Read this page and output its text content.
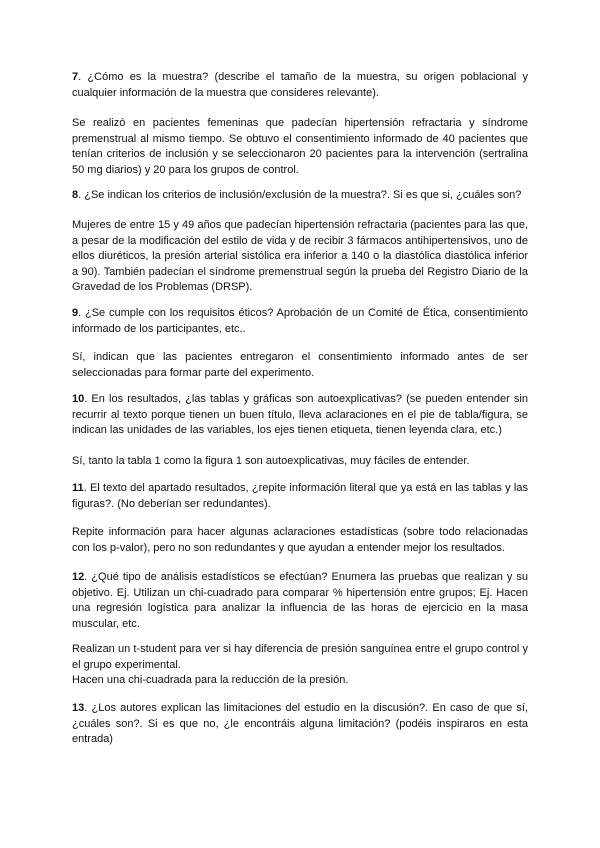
7. ¿Cómo es la muestra? (describe el tamaño de la muestra, su origen poblacional y cualquier información de la muestra que consideres relevante).

Se realizó en pacientes femeninas que padecían hipertensión refractaria y síndrome premenstrual al mismo tiempo. Se obtuvo el consentimiento informado de 40 pacientes que tenían criterios de inclusión y se seleccionaron 20 pacientes para la intervención (sertralina 50 mg diarios) y 20 para los grupos de control.

8. ¿Se indican los criterios de inclusión/exclusión de la muestra?. Si es que si, ¿cuáles son?

Mujeres de entre 15 y 49 años que padecían hipertensión refractaria (pacientes para las que, a pesar de la modificación del estilo de vida y de recibir 3 fármacos antihipertensivos, uno de ellos diuréticos, la presión arterial sistólica era inferior a 140 o la diastólica diastólica inferior a 90). También padecían el síndrome premenstrual según la prueba del Registro Diario de la Gravedad de los Problemas (DRSP).

9. ¿Se cumple con los requisitos éticos? Aprobación de un Comité de Ética, consentimiento informado de los participantes, etc..

Sí, indican que las pacientes entregaron el consentimiento informado antes de ser seleccionadas para formar parte del experimento.

10. En los resultados, ¿las tablas y gráficas son autoexplicativas? (se pueden entender sin recurrir al texto porque tienen un buen título, lleva aclaraciones en el pie de tabla/figura, se indican las unidades de las variables, los ejes tienen etiqueta, tienen leyenda clara, etc.)

Sí, tanto la tabla 1 como la figura 1 son autoexplicativas, muy fáciles de entender.

11. El texto del apartado resultados, ¿repite información literal que ya está en las tablas y las figuras?. (No deberían ser redundantes).

Repite información para hacer algunas aclaraciones estadísticas (sobre todo relacionadas con los p-valor), pero no son redundantes y que ayudan a entender mejor los resultados.

12. ¿Qué tipo de análisis estadísticos se efectúan? Enumera las pruebas que realizan y su objetivo. Ej. Utilizan un chi-cuadrado para comparar % hipertensión entre grupos; Ej. Hacen una regresión logística para analizar la influencia de las horas de ejercicio en la masa muscular, etc.

Realizan un t-student para ver si hay diferencia de presión sanguínea entre el grupo control y el grupo experimental.

Hacen una chi-cuadrada para la reducción de la presión.

13. ¿Los autores explican las limitaciones del estudio en la discusión?. En caso de que sí, ¿cuáles son?. Si es que no, ¿le encontráis alguna limitación? (podéis inspiraros en esta entrada)
